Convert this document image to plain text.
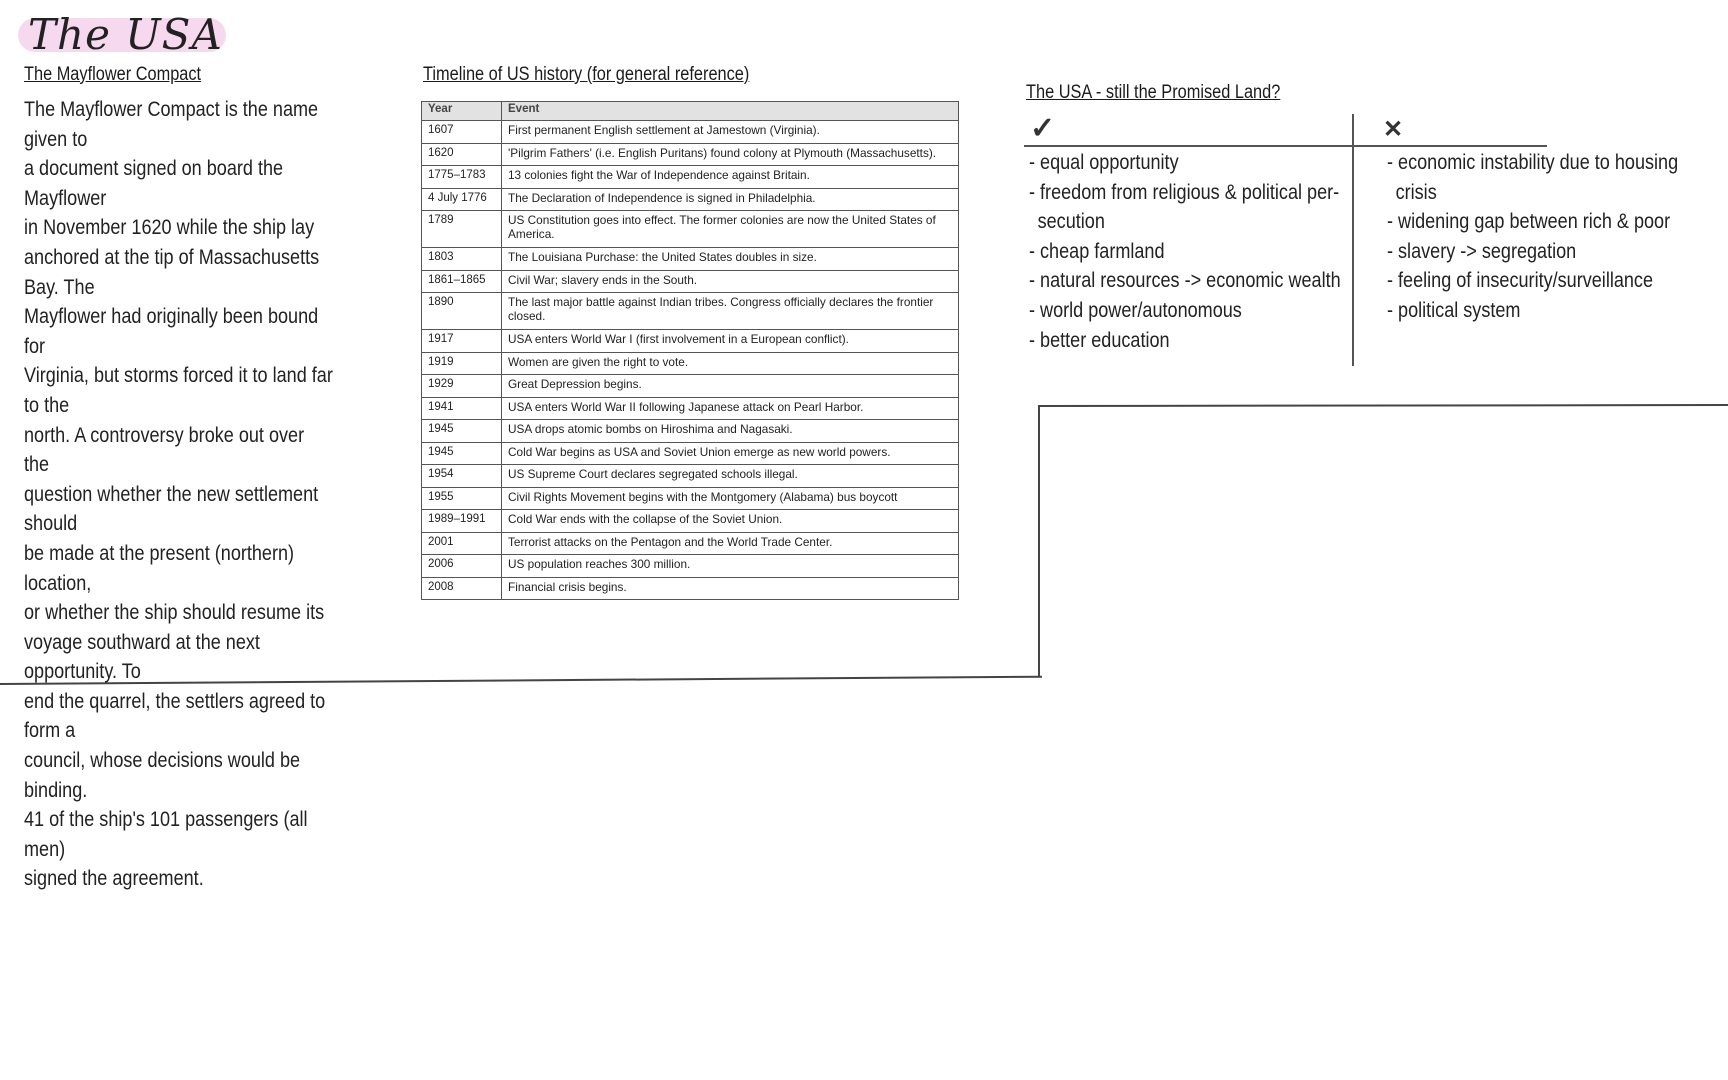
The USA
The Mayflower Compact
The Mayflower Compact is the name given to
a document signed on board the Mayflower
in November 1620 while the ship lay
anchored at the tip of Massachusetts Bay. The
Mayflower had originally been bound for
Virginia, but storms forced it to land far to the
north. A controversy broke out over the
question whether the new settlement should
be made at the present (northern) location,
or whether the ship should resume its
voyage southward at the next opportunity. To
end the quarrel, the settlers agreed to form a
council, whose decisions would be binding.
41 of the ship's 101 passengers (all men)
signed the agreement.
Timeline of US history (for general reference)
Year	Event
1607	First permanent English settlement at Jamestown (Virginia).
1620	'Pilgrim Fathers' (i.e. English Puritans) found colony at Plymouth (Massachusetts).
1775–1783	13 colonies fight the War of Independence against Britain.
4 July 1776	The Declaration of Independence is signed in Philadelphia.
1789	US Constitution goes into effect. The former colonies are now the United States of America.
1803	The Louisiana Purchase: the United States doubles in size.
1861–1865	Civil War; slavery ends in the South.
1890	The last major battle against Indian tribes. Congress officially declares the frontier closed.
1917	USA enters World War I (first involvement in a European conflict).
1919	Women are given the right to vote.
1929	Great Depression begins.
1941	USA enters World War II following Japanese attack on Pearl Harbor.
1945	USA drops atomic bombs on Hiroshima and Nagasaki.
1945	Cold War begins as USA and Soviet Union emerge as new world powers.
1954	US Supreme Court declares segregated schools illegal.
1955	Civil Rights Movement begins with the Montgomery (Alabama) bus boycott
1989–1991	Cold War ends with the collapse of the Soviet Union.
2001	Terrorist attacks on the Pentagon and the World Trade Center.
2006	US population reaches 300 million.
2008	Financial crisis begins.
The USA - still the Promised Land?
✓	✕
- equal opportunity
- freedom from religious & political per-
secution
- cheap farmland
- natural resources -> economic wealth
- world power/autonomous
- better education
- economic instability due to housing
crisis
- widening gap between rich & poor
- slavery -> segregation
- feeling of insecurity/surveillance
- political system
